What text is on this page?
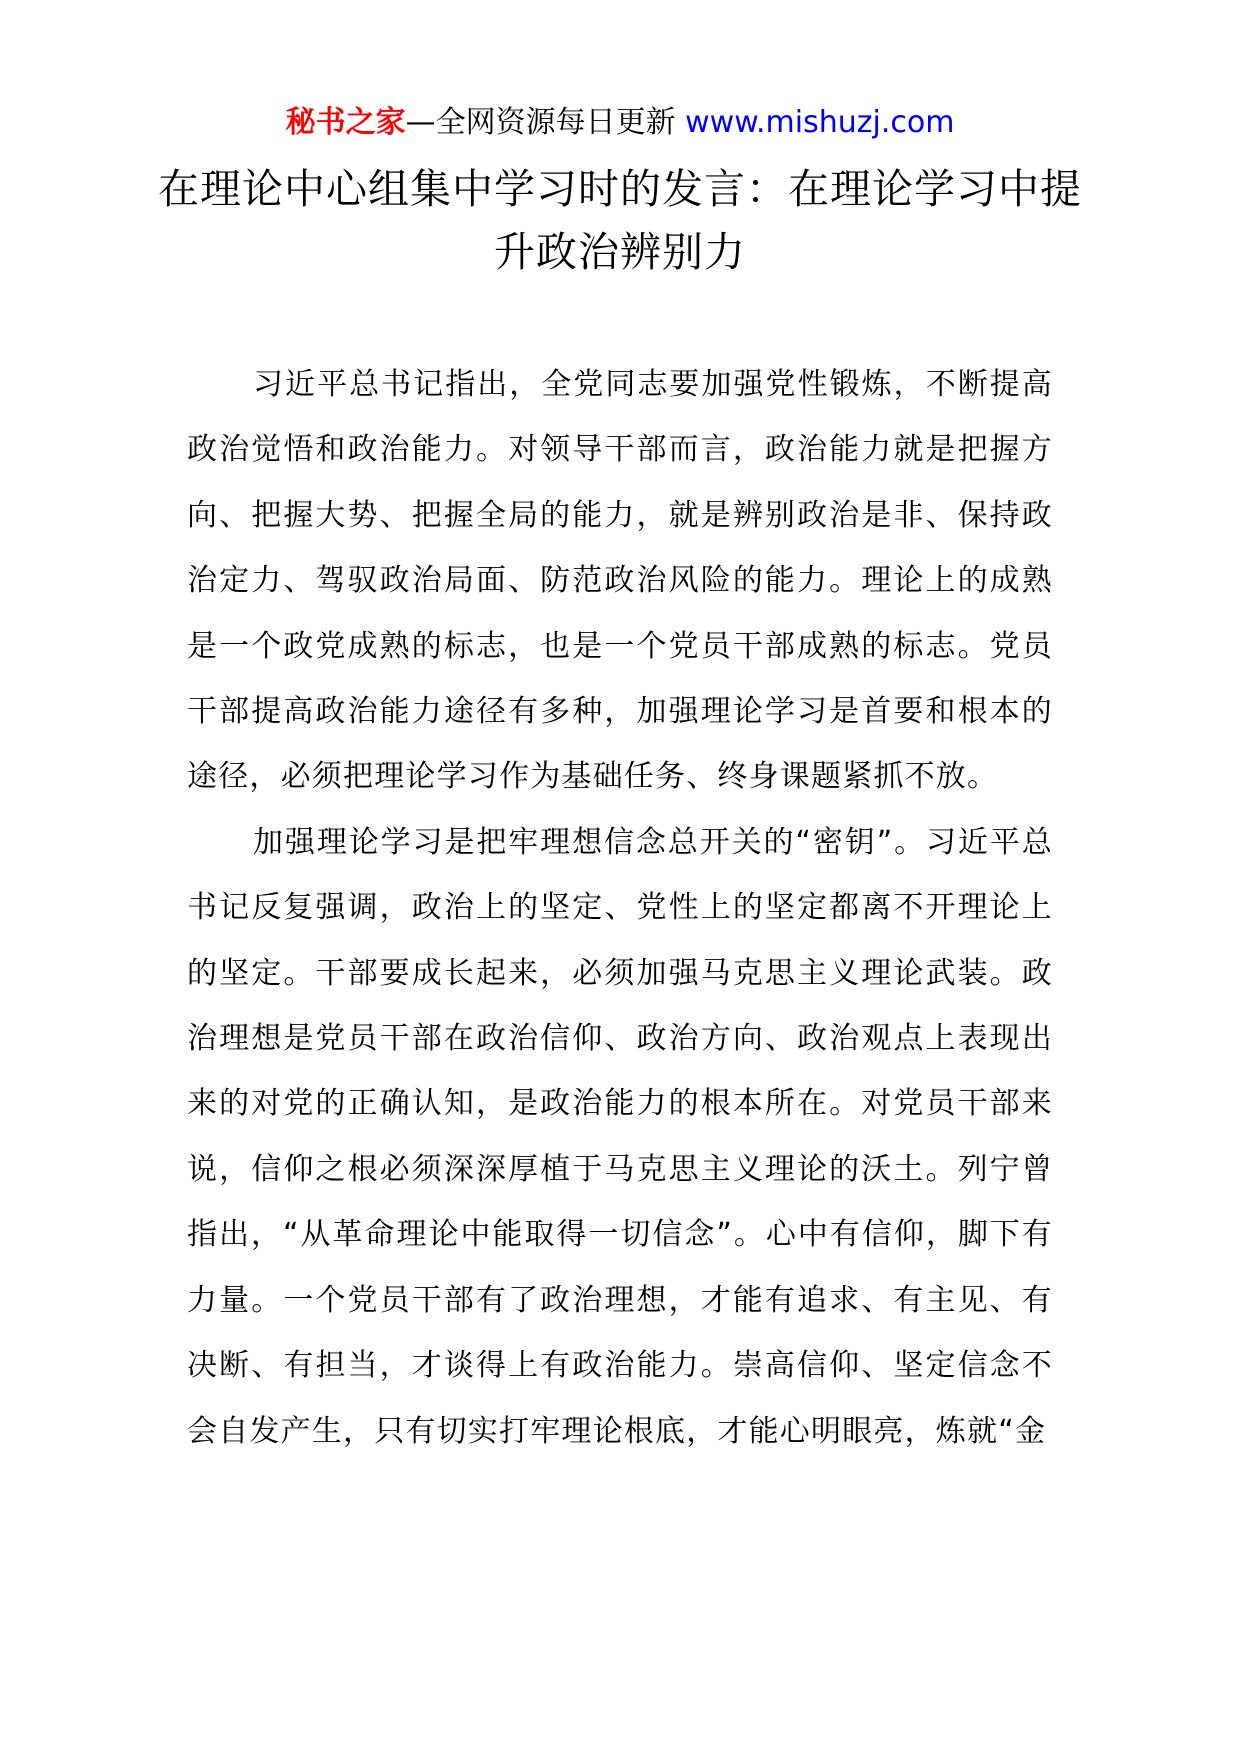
秘书之家—全网资源每日更新 www.mishuzj.com
在理论中心组集中学习时的发言：在理论学习中提升政治辨别力

习近平总书记指出，全党同志要加强党性锻炼，不断提高政治觉悟和政治能力。对领导干部而言，政治能力就是把握方向、把握大势、把握全局的能力，就是辨别政治是非、保持政治定力、驾驭政治局面、防范政治风险的能力。理论上的成熟是一个政党成熟的标志，也是一个党员干部成熟的标志。党员干部提高政治能力途径有多种，加强理论学习是首要和根本的途径，必须把理论学习作为基础任务、终身课题紧抓不放。

加强理论学习是把牢理想信念总开关的“密钥”。习近平总书记反复强调，政治上的坚定、党性上的坚定都离不开理论上的坚定。干部要成长起来，必须加强马克思主义理论武装。政治理想是党员干部在政治信仰、政治方向、政治观点上表现出来的对党的正确认知，是政治能力的根本所在。对党员干部来说，信仰之根必须深深厚植于马克思主义理论的沃土。列宁曾指出，“从革命理论中能取得一切信念”。心中有信仰，脚下有力量。一个党员干部有了政治理想，才能有追求、有主见、有决断、有担当，才谈得上有政治能力。崇高信仰、坚定信念不会自发产生，只有切实打牢理论根底，才能心明眼亮，炼就“金
